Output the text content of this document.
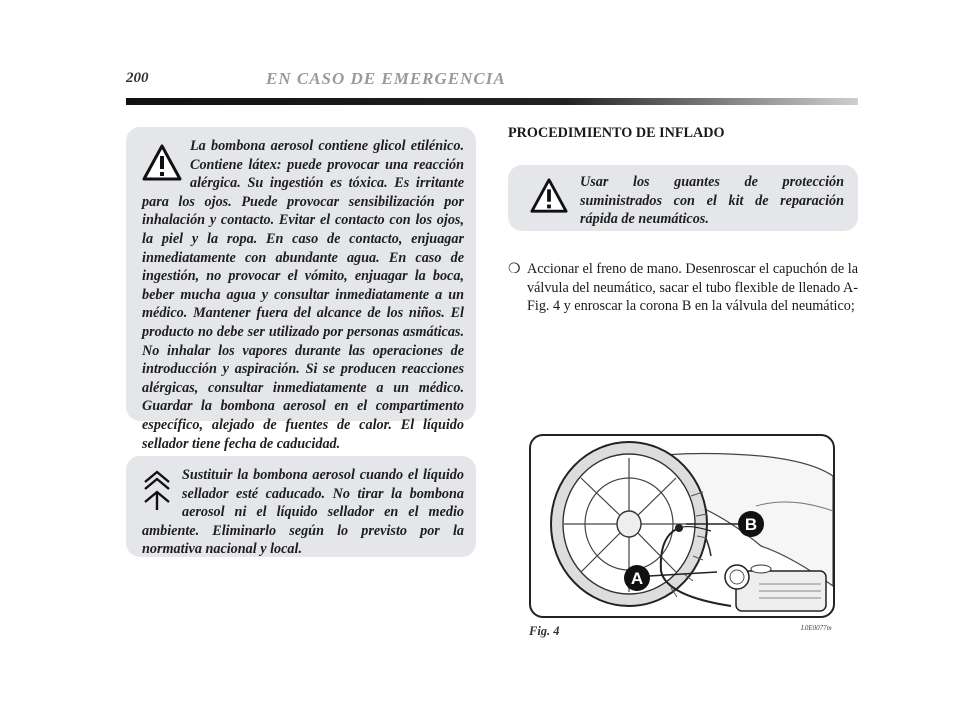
200	EN CASO DE EMERGENCIA
La bombona aerosol contiene glicol etilénico. Contiene látex: puede provocar una reacción alérgica. Su ingestión es tóxica. Es irritante para los ojos. Puede provocar sensibilización por inhalación y contacto. Evitar el contacto con los ojos, la piel y la ropa. En caso de contacto, enjuagar inmediatamente con abundante agua. En caso de ingestión, no provocar el vómito, enjuagar la boca, beber mucha agua y consultar inmediatamente a un médico. Mantener fuera del alcance de los niños. El producto no debe ser utilizado por personas asmáticas. No inhalar los vapores durante las operaciones de introducción y aspiración. Si se producen reacciones alérgicas, consultar inmediatamente a un médico. Guardar la bombona aerosol en el compartimento específico, alejado de fuentes de calor. El líquido sellador tiene fecha de caducidad.
Sustituir la bombona aerosol cuando el líquido sellador esté caducado. No tirar la bombona aerosol ni el líquido sellador en el medio ambiente. Eliminarlo según lo previsto por la normativa nacional y local.
PROCEDIMIENTO DE INFLADO
Usar los guantes de protección suministrados con el kit de reparación rápida de neumáticos.
❍ Accionar el freno de mano. Desenroscar el capuchón de la válvula del neumático, sacar el tubo flexible de llenado A-Fig. 4 y enroscar la corona B en la válvula del neumático;
B
A
Fig. 4	L0E0077m
